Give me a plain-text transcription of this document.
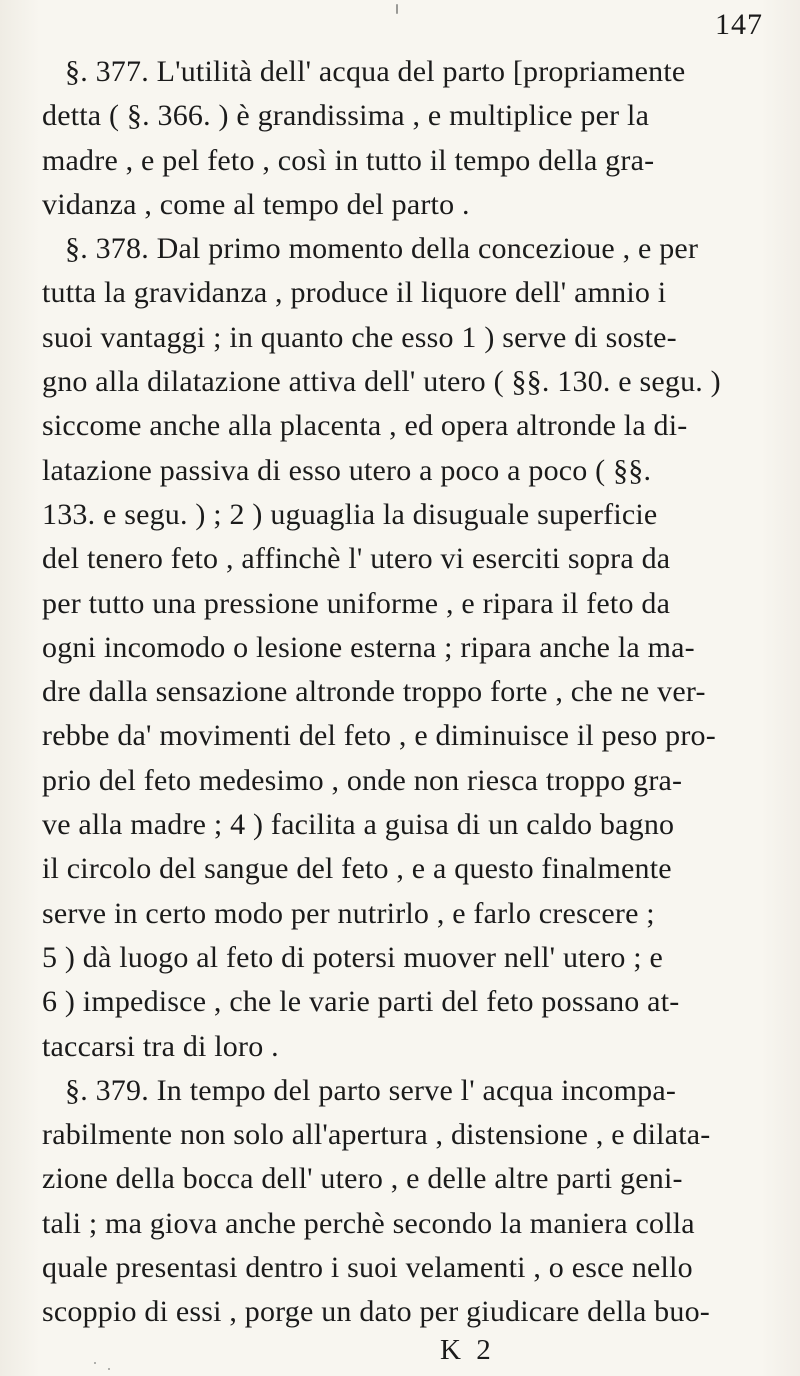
147
§. 377. L'utilità dell' acqua del parto [propriamente
detta ( §. 366. ) è grandissima , e multiplice per la
madre , e pel feto , così in tutto il tempo della gra-
vidanza , come al tempo del parto .
§. 378. Dal primo momento della concezioue , e per
tutta la gravidanza , produce il liquore dell' amnio i
suoi vantaggi ; in quanto che esso 1 ) serve di soste-
gno alla dilatazione attiva dell' utero ( §§. 130. e segu. )
siccome anche alla placenta , ed opera altronde la di-
latazione passiva di esso utero a poco a poco ( §§.
133. e segu. ) ; 2 ) uguaglia la disuguale superficie
del tenero feto , affinchè l' utero vi eserciti sopra da
per tutto una pressione uniforme , e ripara il feto da
ogni incomodo o lesione esterna ; ripara anche la ma-
dre dalla sensazione altronde troppo forte , che ne ver-
rebbe da' movimenti del feto , e diminuisce il peso pro-
prio del feto medesimo , onde non riesca troppo gra-
ve alla madre ; 4 ) facilita a guisa di un caldo bagno
il circolo del sangue del feto , e a questo finalmente
serve in certo modo per nutrirlo , e farlo crescere ;
5 ) dà luogo al feto di potersi muover nell' utero ; e
6 ) impedisce , che le varie parti del feto possano at-
taccarsi tra di loro .
§. 379. In tempo del parto serve l' acqua incompa-
rabilmente non solo all'apertura , distensione , e dilata-
zione della bocca dell' utero , e delle altre parti geni-
tali ; ma giova anche perchè secondo la maniera colla
quale presentasi dentro i suoi velamenti , o esce nello
scoppio di essi , porge un dato per giudicare della buo-
K 2
